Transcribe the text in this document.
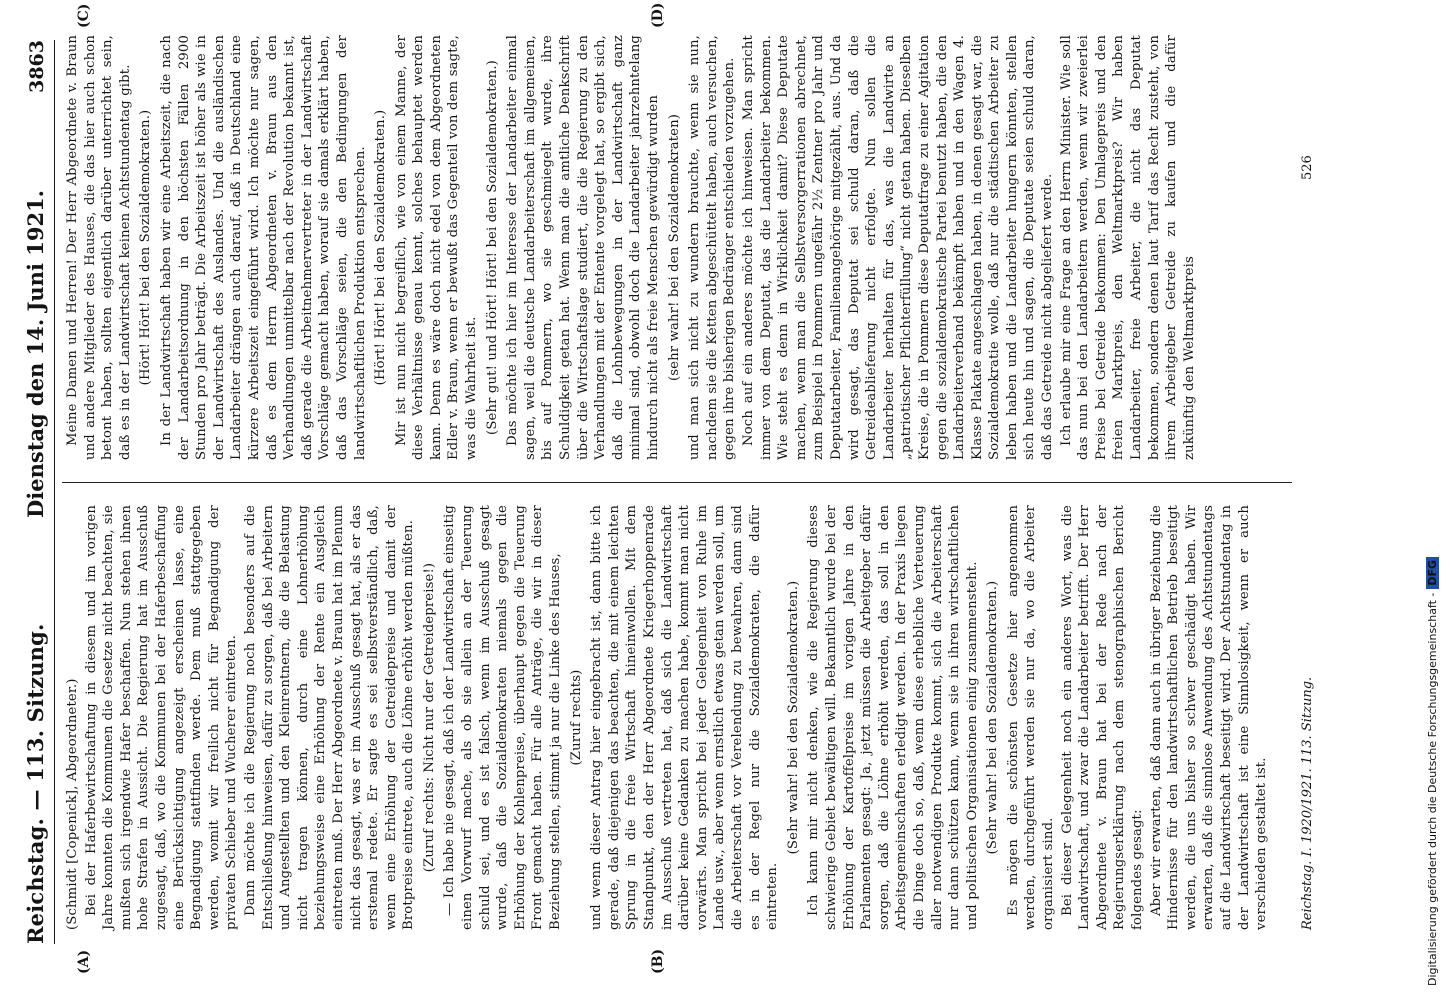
Reichstag. — 113. Sitzung.
Dienstag den 14. Juni 1921.
3863
(A)	(B)
(C)	(D)

(Schmidt [Copenick], Abgeordneter.) Bei der Haferbewirtschaftung in diesem und im vorigen Jahre konnten die Kommunen die Gesetze nicht beachten, sie mußten sich irgendwie Hafer beschaffen. Nun stehen ihnen hohe Strafen in Aussicht. Die Regierung hat im Ausschuß zugesagt, daß, wo die Kommunen bei der Haferbeschaffung eine Berücksichtigung angezeigt erscheinen lasse, eine Begnadigung stattfinden werde. Dem muß stattgegeben werden, womit wir freilich nicht für Begnadigung der privaten Schieber und Wucherer eintreten. Dann möchte ich die Regierung noch besonders auf die Entschließung hinweisen, dafür zu sorgen, daß bei Arbeitern und Angestellten und den Kleinrentnern, die die Belastung nicht tragen können, durch eine Lohnerhöhung beziehungsweise eine Erhöhung der Rente ein Ausgleich eintreten muß. Der Herr Abgeordnete v. Braun hat im Plenum nicht das gesagt, was er im Ausschuß gesagt hat, als er das erstemal redete. Er sagte es sei selbstverständlich, daß, wenn eine Erhöhung der Getreidepreise und damit der Brotpreise eintrete, auch die Löhne erhöht werden müßten. (Zuruf rechts: Nicht nur der Getreidepreise!) — Ich habe nie gesagt, daß ich der Landwirtschaft einseitig einen Vorwurf mache, als ob sie allein an der Teuerung schuld sei, und es ist falsch, wenn im Ausschuß gesagt wurde, daß die Sozialdemokraten niemals gegen die Erhöhung der Kohlenpreise, überhaupt gegen die Teuerung Front gemacht haben. Für alle Anträge, die wir in dieser Beziehung stellen, stimmt ja nur die Linke des Hauses, (Zuruf rechts) und wenn dieser Antrag hier eingebracht ist, dann bitte ich gerade, daß diejenigen das beachten, die mit einem leichten Sprung in die freie Wirtschaft hineinwollen. Mit dem Standpunkt, den der Herr Abgeordnete Kriegerhoppenrade im Ausschuß vertreten hat, daß sich die Landwirtschaft darüber keine Gedanken zu machen habe, kommt man nicht vorwärts. Man spricht bei jeder Gelegenheit von Ruhe im Lande usw., aber wenn ernstlich etwas getan werden soll, um die Arbeiterschaft vor Verelendung zu bewahren, dann sind es in der Regel nur die Sozialdemokraten, die dafür eintreten.

(Sehr wahr! bei den Sozialdemokraten.) Ich kann mir nicht denken, wie die Regierung dieses schwierige Gebiet bewältigen will. Bekanntlich wurde bei der Erhöhung der Kartoffelpreise im vorigen Jahre in den Parlamenten gesagt: Ja, jetzt müssen die Arbeitgeber dafür sorgen, daß die Löhne erhöht werden, das soll in den Arbeitsgemeinschaften erledigt werden. In der Praxis liegen die Dinge doch so, daß, wenn diese erhebliche Verteuerung aller notwendigen Produkte kommt, sich die Arbeiterschaft nur dann schützen kann, wenn sie in ihren wirtschaftlichen und politischen Organisationen einig zusammensteht. (Sehr wahr! bei den Sozialdemokraten.) Es mögen die schönsten Gesetze hier angenommen werden, durchgeführt werden sie nur da, wo die Arbeiter organisiert sind. Bei dieser Gelegenheit noch ein anderes Wort, was die Landwirtschaft, und zwar die Landarbeiter betrifft. Der Herr Abgeordnete v. Braun hat bei der Rede nach der Regierungserklärung nach dem stenographischen Bericht folgendes gesagt: Aber wir erwarten, daß dann auch in übriger Beziehung die Hindernisse für den landwirtschaftlichen Betrieb beseitigt werden, die uns bisher so schwer geschädigt haben. Wir erwarten, daß die sinnlose Anwendung des Achtstundentags auf die Landwirtschaft beseitigt wird. Der Achtstundentag in der Landwirtschaft ist eine Sinnlosigkeit, wenn er auch verschieden gestaltet ist.

Meine Damen und Herren! Der Herr Abgeordnete v. Braun und andere Mitglieder des Hauses, die das hier auch schon betont haben, sollten eigentlich darüber unterrichtet sein, daß es in der Landwirtschaft keinen Achtstundentag gibt. (Hört! Hört! bei den Sozialdemokraten.) In der Landwirtschaft haben wir eine Arbeitszeit, die nach der Landarbeitsordnung in den höchsten Fällen 2900 Stunden pro Jahr beträgt. Die Arbeitszeit ist höher als wie in der Landwirtschaft des Auslandes. Und die ausländischen Landarbeiter drängen auch darauf, daß in Deutschland eine kürzere Arbeitszeit eingeführt wird. Ich möchte nur sagen, daß es dem Herrn Abgeordneten v. Braun aus den Verhandlungen unmittelbar nach der Revolution bekannt ist, daß gerade die Arbeitnehmervertreter in der Landwirtschaft Vorschläge gemacht haben, worauf sie damals erklärt haben, daß das Vorschläge seien, die den Bedingungen der landwirtschaftlichen Produktion entsprechen. (Hört! Hört! bei den Sozialdemokraten.) Mir ist nun nicht begreiflich, wie von einem Manne, der diese Verhältnisse genau kennt, solches behauptet werden kann. Denn es wäre doch nicht edel von dem Abgeordneten Edler v. Braun, wenn er bewußt das Gegenteil von dem sagte, was die Wahrheit ist. (Sehr gut! und Hört! Hört! bei den Sozialdemokraten.) Das möchte ich hier im Interesse der Landarbeiter einmal sagen, weil die deutsche Landarbeiterschaft im allgemeinen, bis auf Pommern, wo sie geschmiegelt wurde, ihre Schuldigkeit getan hat. Wenn man die amtliche Denkschrift über die Wirtschaftslage studiert, die die Regierung zu den Verhandlungen mit der Entente vorgelegt hat, so ergibt sich, daß die Lohnbewegungen in der Landwirtschaft ganz minimal sind, obwohl doch die Landarbeiter jahrzehntelang hindurch nicht als freie Menschen gewürdigt wurden (sehr wahr! bei den Sozialdemokraten) und man sich nicht zu wundern brauchte, wenn sie nun, nachdem sie die Ketten abgeschüttelt haben, auch versuchen, gegen ihre bisherigen Bedränger entschieden vorzugehen. Noch auf ein anderes möchte ich hinweisen. Man spricht immer von dem Deputat, das die Landarbeiter bekommen. Wie steht es denn in Wirklichkeit damit? Diese Deputate machen, wenn man die Selbstversorgerrationen abrechnet, zum Beispiel in Pommern ungefähr 2½ Zentner pro Jahr und Deputatarbeiter, Familienangehörige mitgezählt, aus. Und da wird gesagt, das Deputat sei schuld daran, daß die Getreideablieferung nicht erfolgte. Nun sollen die Landarbeiter herhalten für das, was die Landwirte an „patriotischer Pflichterfüllung“ nicht getan haben. Dieselben Kreise, die in Pommern diese Deputatfrage zu einer Agitation gegen die sozialdemokratische Partei benutzt haben, die den Landarbeiterverband bekämpft haben und in den Wagen 4. Klasse Plakate angeschlagen haben, in denen gesagt war, die Sozialdemokratie wolle, daß nur die städtischen Arbeiter zu leben haben und die Landarbeiter hungern könnten, stellen sich heute hin und sagen, die Deputate seien schuld daran, daß das Getreide nicht abgeliefert werde. Ich erlaube mir eine Frage an den Herrn Minister. Wie soll das nun bei den Landarbeitern werden, wenn wir zweierlei Preise bei Getreide bekommen: Den Umlagepreis und den freien Marktpreis, den Weltmarktpreis? Wir haben Landarbeiter, freie Arbeiter, die nicht das Deputat bekommen, sondern denen laut Tarif das Recht zusteht, von ihrem Arbeitgeber Getreide zu kaufen und die dafür zukünftig den Weltmarktpreis

Reichstag. I. 1920/1921. 113. Sitzung.
526
Digitalisierung gefördert durch die Deutsche Forschungsgemeinschaft -DFG
